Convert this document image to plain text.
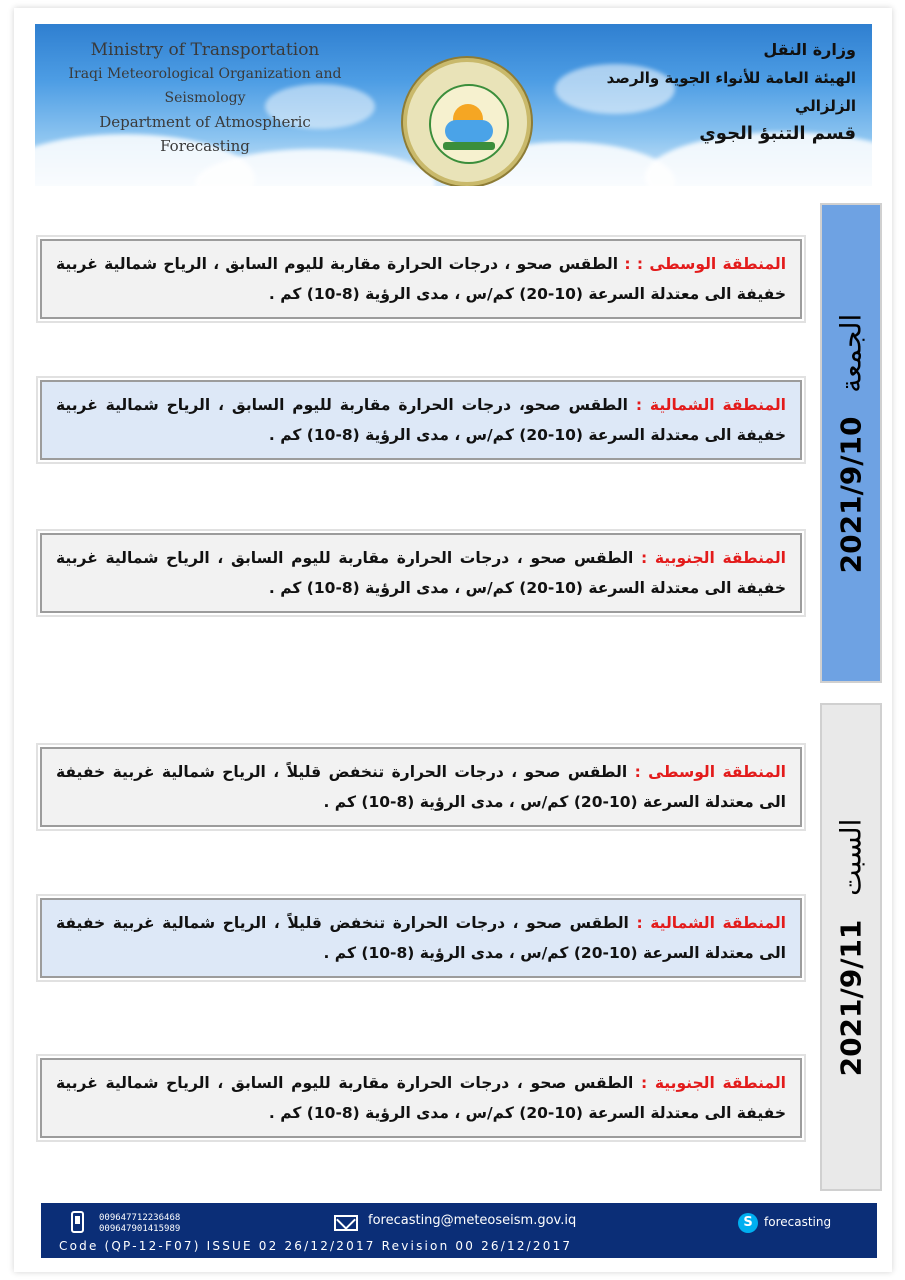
Ministry of Transportation
Iraqi Meteorological Organization and Seismology
Department of Atmospheric Forecasting
وزارة النقل
الهيئة العامة للأنواء الجوية والرصد الزلزالي
قسم التنبؤ الجوي
الجمعة 2021/9/10
السبت 2021/9/11
المنطقة الوسطى : : الطقس صحو ، درجات الحرارة مقاربة لليوم السابق ، الرياح شمالية غربية خفيفة الى معتدلة السرعة (10-20) كم/س ، مدى الرؤية (8-10) كم .
المنطقة الشمالية : الطقس صحو، درجات الحرارة مقاربة لليوم السابق ، الرياح شمالية غربية خفيفة الى معتدلة السرعة (10-20) كم/س ، مدى الرؤية (8-10) كم .
المنطقة الجنوبية : الطقس صحو ، درجات الحرارة مقاربة لليوم السابق ، الرياح شمالية غربية خفيفة الى معتدلة السرعة (10-20) كم/س ، مدى الرؤية (8-10) كم .
المنطقة الوسطى : الطقس صحو ، درجات الحرارة تنخفض قليلاً ، الرياح شمالية غربية خفيفة الى معتدلة السرعة (10-20) كم/س ، مدى الرؤية (8-10) كم .
المنطقة الشمالية : الطقس صحو ، درجات الحرارة تنخفض قليلاً ، الرياح شمالية غربية خفيفة الى معتدلة السرعة (10-20) كم/س ، مدى الرؤية (8-10) كم .
المنطقة الجنوبية : الطقس صحو ، درجات الحرارة مقاربة لليوم السابق ، الرياح شمالية غربية خفيفة الى معتدلة السرعة (10-20) كم/س ، مدى الرؤية (8-10) كم .
009647712236468
009647901415989
forecasting@meteoseism.gov.iq	S forecasting
Code (QP-12-F07) ISSUE 02 26/12/2017 Revision 00 26/12/2017
